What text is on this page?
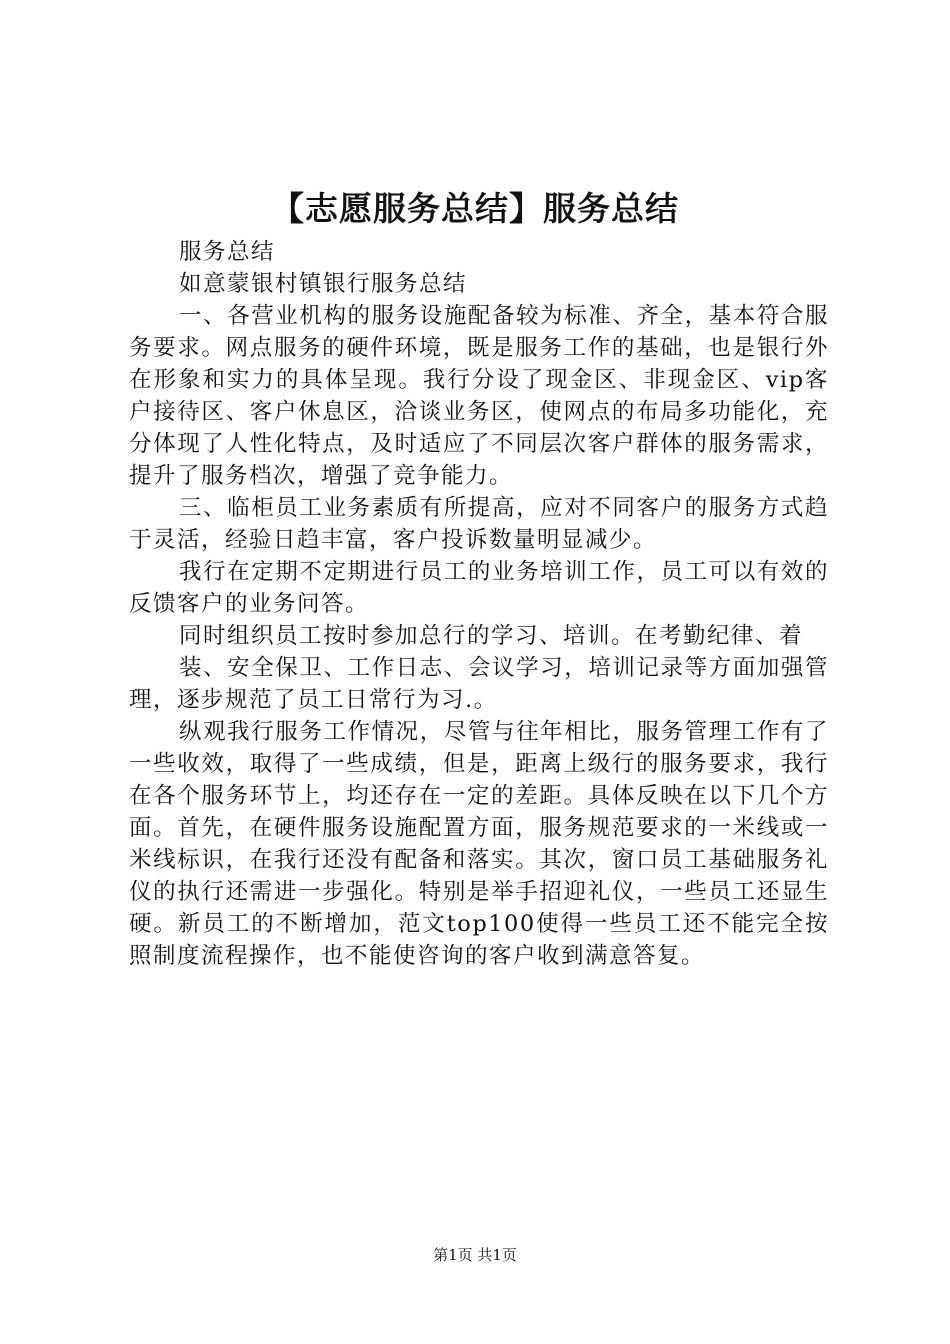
【志愿服务总结】服务总结

服务总结

如意蒙银村镇银行服务总结

一、各营业机构的服务设施配备较为标准、齐全，基本符合服务要求。网点服务的硬件环境，既是服务工作的基础，也是银行外在形象和实力的具体呈现。我行分设了现金区、非现金区、vip客户接待区、客户休息区，洽谈业务区，使网点的布局多功能化，充分体现了人性化特点，及时适应了不同层次客户群体的服务需求，提升了服务档次，增强了竞争能力。

三、临柜员工业务素质有所提高，应对不同客户的服务方式趋于灵活，经验日趋丰富，客户投诉数量明显减少。

我行在定期不定期进行员工的业务培训工作，员工可以有效的反馈客户的业务问答。

同时组织员工按时参加总行的学习、培训。在考勤纪律、着

装、安全保卫、工作日志、会议学习，培训记录等方面加强管理，逐步规范了员工日常行为习.。

纵观我行服务工作情况，尽管与往年相比，服务管理工作有了一些收效，取得了一些成绩，但是，距离上级行的服务要求，我行在各个服务环节上，均还存在一定的差距。具体反映在以下几个方面。首先，在硬件服务设施配置方面，服务规范要求的一米线或一米线标识，在我行还没有配备和落实。其次，窗口员工基础服务礼仪的执行还需进一步强化。特别是举手招迎礼仪，一些员工还显生硬。新员工的不断增加，范文top100使得一些员工还不能完全按照制度流程操作，也不能使咨询的客户收到满意答复。

第1页 共1页
